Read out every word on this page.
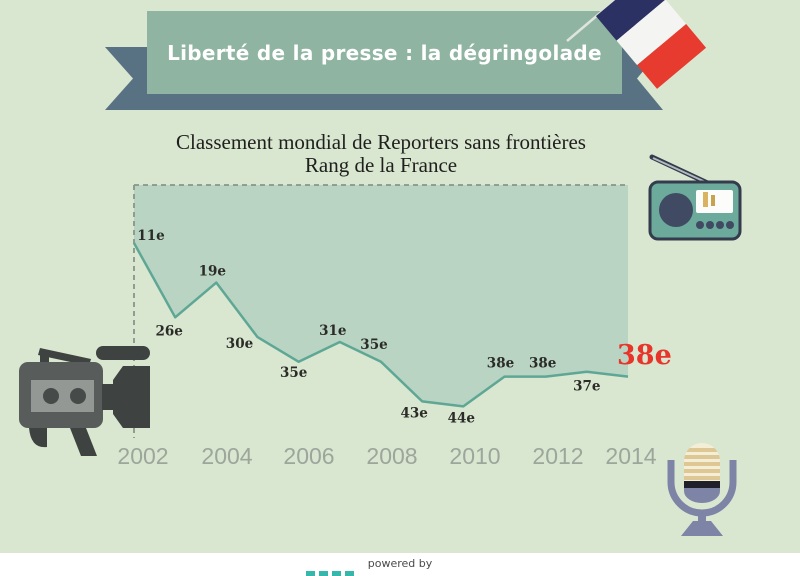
11e
26e
19e
30e
35e
31e
35e
43e 44e
38e 38e
37e
2002 2004 2006 2008 2010 2012 2014
38e
Liberté de la presse : la dégringolade
Classement mondial de Reporters sans frontières
Rang de la France
powered by
